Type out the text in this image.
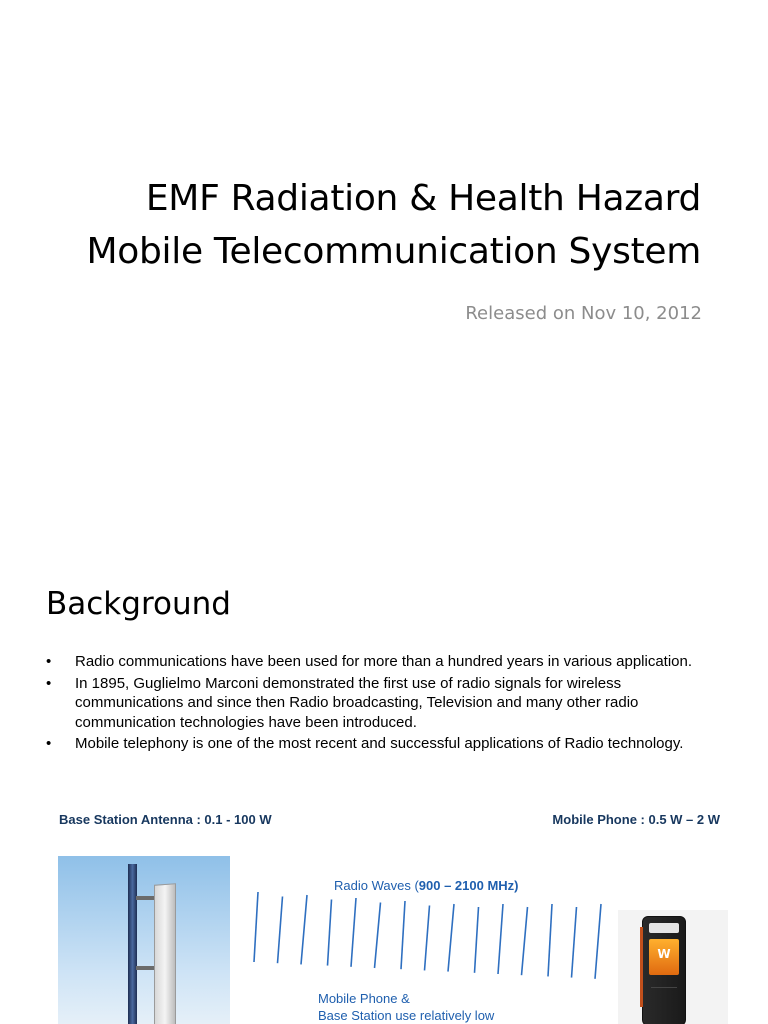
EMF Radiation & Health Hazard
Mobile Telecommunication System
Released on Nov 10, 2012
Background
• Radio communications have been used for more than a hundred years in various application.
• In 1895, Guglielmo Marconi demonstrated the first use of radio signals for wireless communications and since then Radio broadcasting, Television and many other radio communication technologies have been introduced.
• Mobile telephony is one of the most recent and successful applications of Radio technology.
Base Station Antenna : 0.1 - 100 W	Mobile Phone : 0.5 W – 2 W
Radio Waves (900 – 2100 MHz)
Mobile Phone &
Base Station use relatively low
W
